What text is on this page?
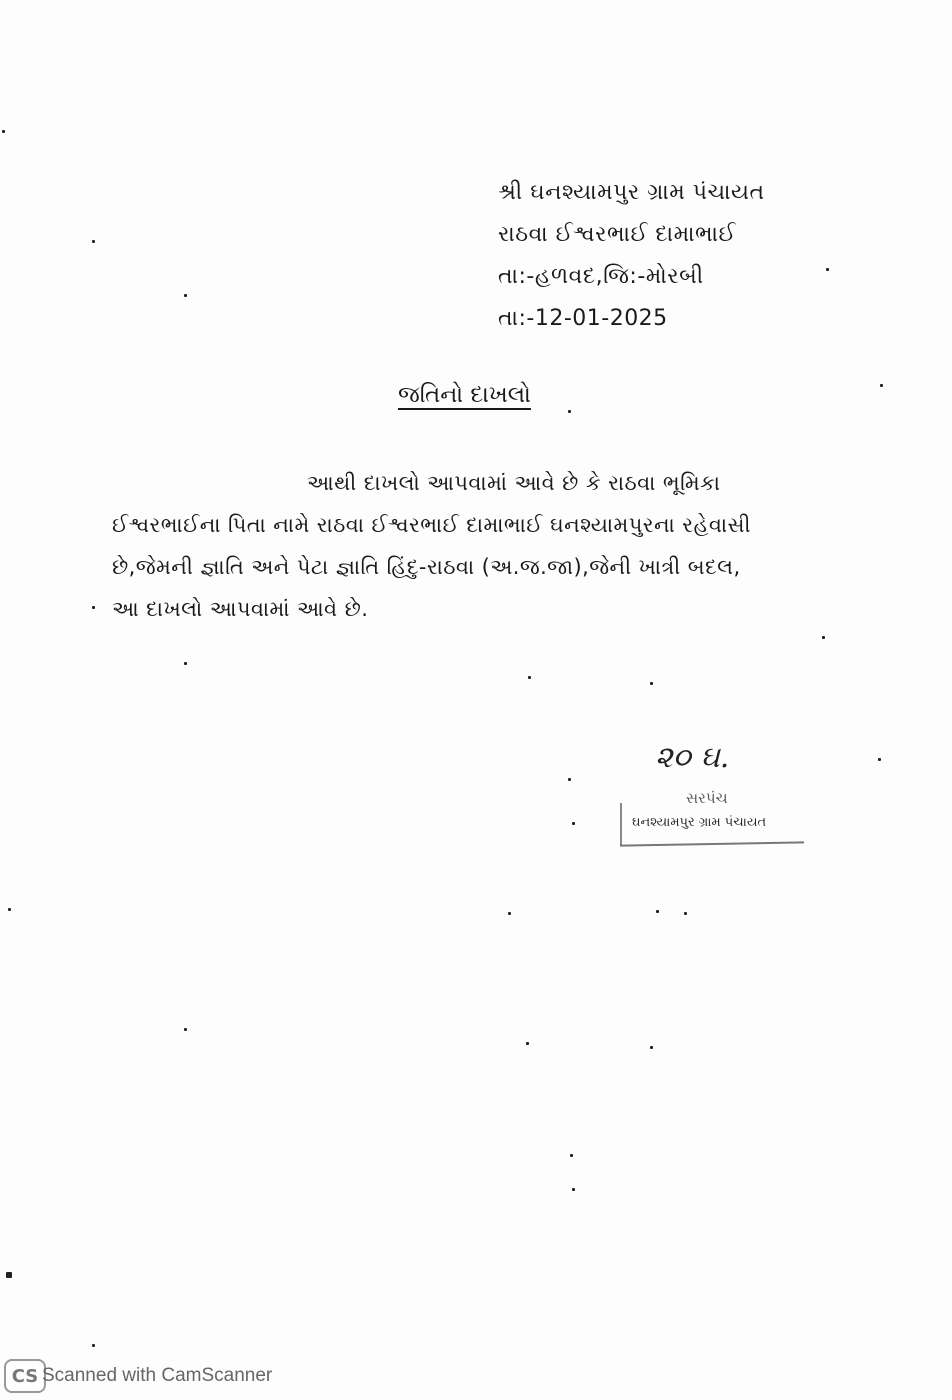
શ્રી ઘનશ્યામપુર ગ્રામ પંચાયત
રાઠવા ઈશ્વરભાઈ દામાભાઈ
તા:-હળવદ,જિ:-મોરબી
તા:-12-01-2025
જતિનો દાખલો
આથી દાખલો આપવામાં આવે છે કે રાઠવા ભૂમિકા
ઈશ્વરભાઈના પિતા નામે રાઠવા ઈશ્વરભાઈ દામાભાઈ ઘનશ્યામપુરના રહેવાસી
છે,જેમની જ્ઞાતિ અને પેટા જ્ઞાતિ હિંદુ-રાઠવા (અ.જ.જા),જેની ખાત્રી બદલ,
આ દાખલો આપવામાં આવે છે.
૨૦ ઘ.
સરપંચ
ઘનશ્યામપુર ગ્રામ પંચાયત
CS Scanned with CamScanner
